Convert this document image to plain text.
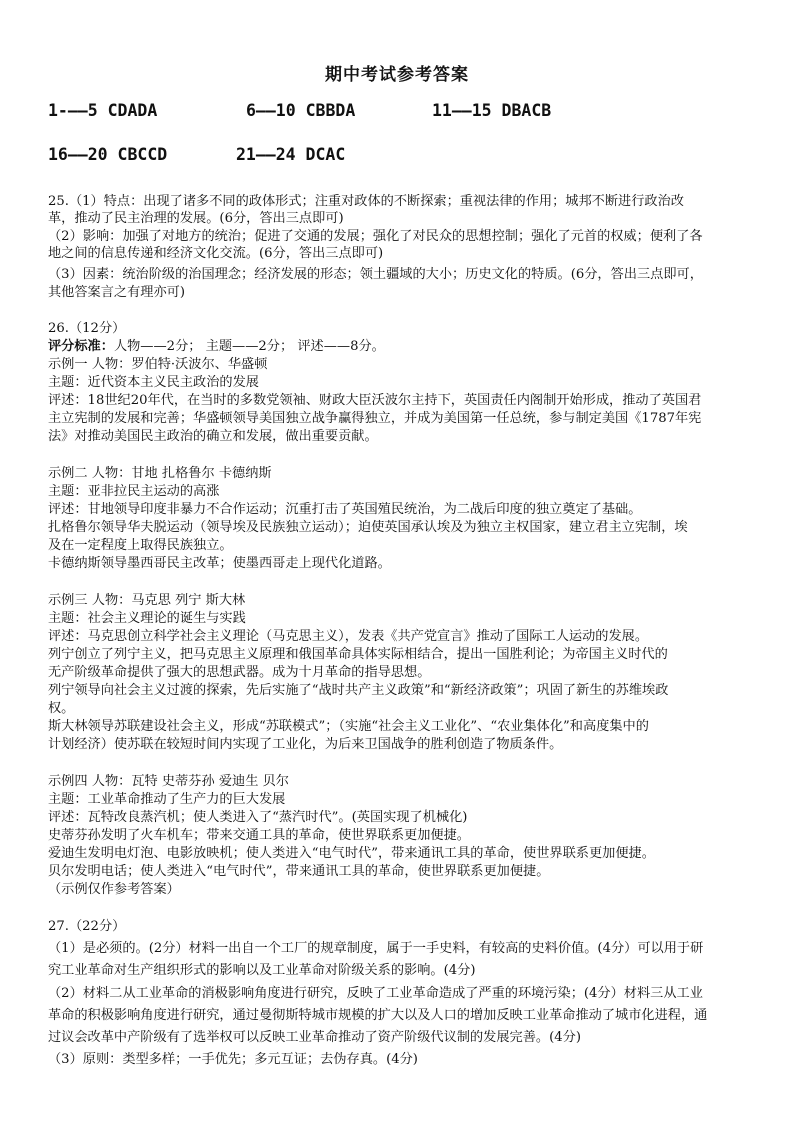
期中考试参考答案
1-——5 CDADA	6——10 CBBDA	11——15 DBACB
16——20 CBCCD	21——24 DCAC
25.（1）特点：出现了诸多不同的政体形式；注重对政体的不断探索；重视法律的作用；城邦不断进行政治改
革，推动了民主治理的发展。(6分，答出三点即可)
（2）影响：加强了对地方的统治；促进了交通的发展；强化了对民众的思想控制；强化了元首的权威；便利了各
地之间的信息传递和经济文化交流。(6分，答出三点即可)
（3）因素：统治阶级的治国理念；经济发展的形态；领土疆域的大小；历史文化的特质。(6分，答出三点即可，
其他答案言之有理亦可)
26.（12分）
评分标准：人物——2分； 主题——2分； 评述——8分。
示例一 人物：罗伯特·沃波尔、华盛顿
主题：近代资本主义民主政治的发展
评述：18世纪20年代，在当时的多数党领袖、财政大臣沃波尔主持下，英国责任内阁制开始形成，推动了英国君
主立宪制的发展和完善；华盛顿领导美国独立战争赢得独立，并成为美国第一任总统，参与制定美国《1787年宪
法》对推动美国民主政治的确立和发展，做出重要贡献。
示例二 人物：甘地 扎格鲁尔 卡德纳斯
主题：亚非拉民主运动的高涨
评述：甘地领导印度非暴力不合作运动；沉重打击了英国殖民统治，为二战后印度的独立奠定了基础。
扎格鲁尔领导华夫脱运动（领导埃及民族独立运动）；迫使英国承认埃及为独立主权国家，建立君主立宪制，埃
及在一定程度上取得民族独立。
卡德纳斯领导墨西哥民主改革；使墨西哥走上现代化道路。
示例三 人物：马克思 列宁 斯大林
主题：社会主义理论的诞生与实践
评述：马克思创立科学社会主义理论（马克思主义），发表《共产党宣言》推动了国际工人运动的发展。
列宁创立了列宁主义，把马克思主义原理和俄国革命具体实际相结合，提出一国胜利论；为帝国主义时代的
无产阶级革命提供了强大的思想武器。成为十月革命的指导思想。
列宁领导向社会主义过渡的探索，先后实施了“战时共产主义政策”和“新经济政策”；巩固了新生的苏维埃政
权。
斯大林领导苏联建设社会主义，形成“苏联模式”；（实施“社会主义工业化”、“农业集体化”和高度集中的
计划经济）使苏联在较短时间内实现了工业化，为后来卫国战争的胜利创造了物质条件。
示例四 人物：瓦特 史蒂芬孙 爱迪生 贝尔
主题：工业革命推动了生产力的巨大发展
评述：瓦特改良蒸汽机；使人类进入了“蒸汽时代”。(英国实现了机械化)
史蒂芬孙发明了火车机车；带来交通工具的革命，使世界联系更加便捷。
爱迪生发明电灯泡、电影放映机；使人类进入“电气时代”，带来通讯工具的革命，使世界联系更加便捷。
贝尔发明电话；使人类进入“电气时代”，带来通讯工具的革命，使世界联系更加便捷。
（示例仅作参考答案）
27.（22分）
（1）是必须的。(2分）材料一出自一个工厂的规章制度，属于一手史料，有较高的史料价值。(4分）可以用于研
究工业革命对生产组织形式的影响以及工业革命对阶级关系的影响。(4分)
（2）材料二从工业革命的消极影响角度进行研究，反映了工业革命造成了严重的环境污染；(4分）材料三从工业
革命的积极影响角度进行研究，通过曼彻斯特城市规模的扩大以及人口的增加反映工业革命推动了城市化进程，通
过议会改革中产阶级有了选举权可以反映工业革命推动了资产阶级代议制的发展完善。(4分)
（3）原则：类型多样；一手优先；多元互证；去伪存真。(4分)
